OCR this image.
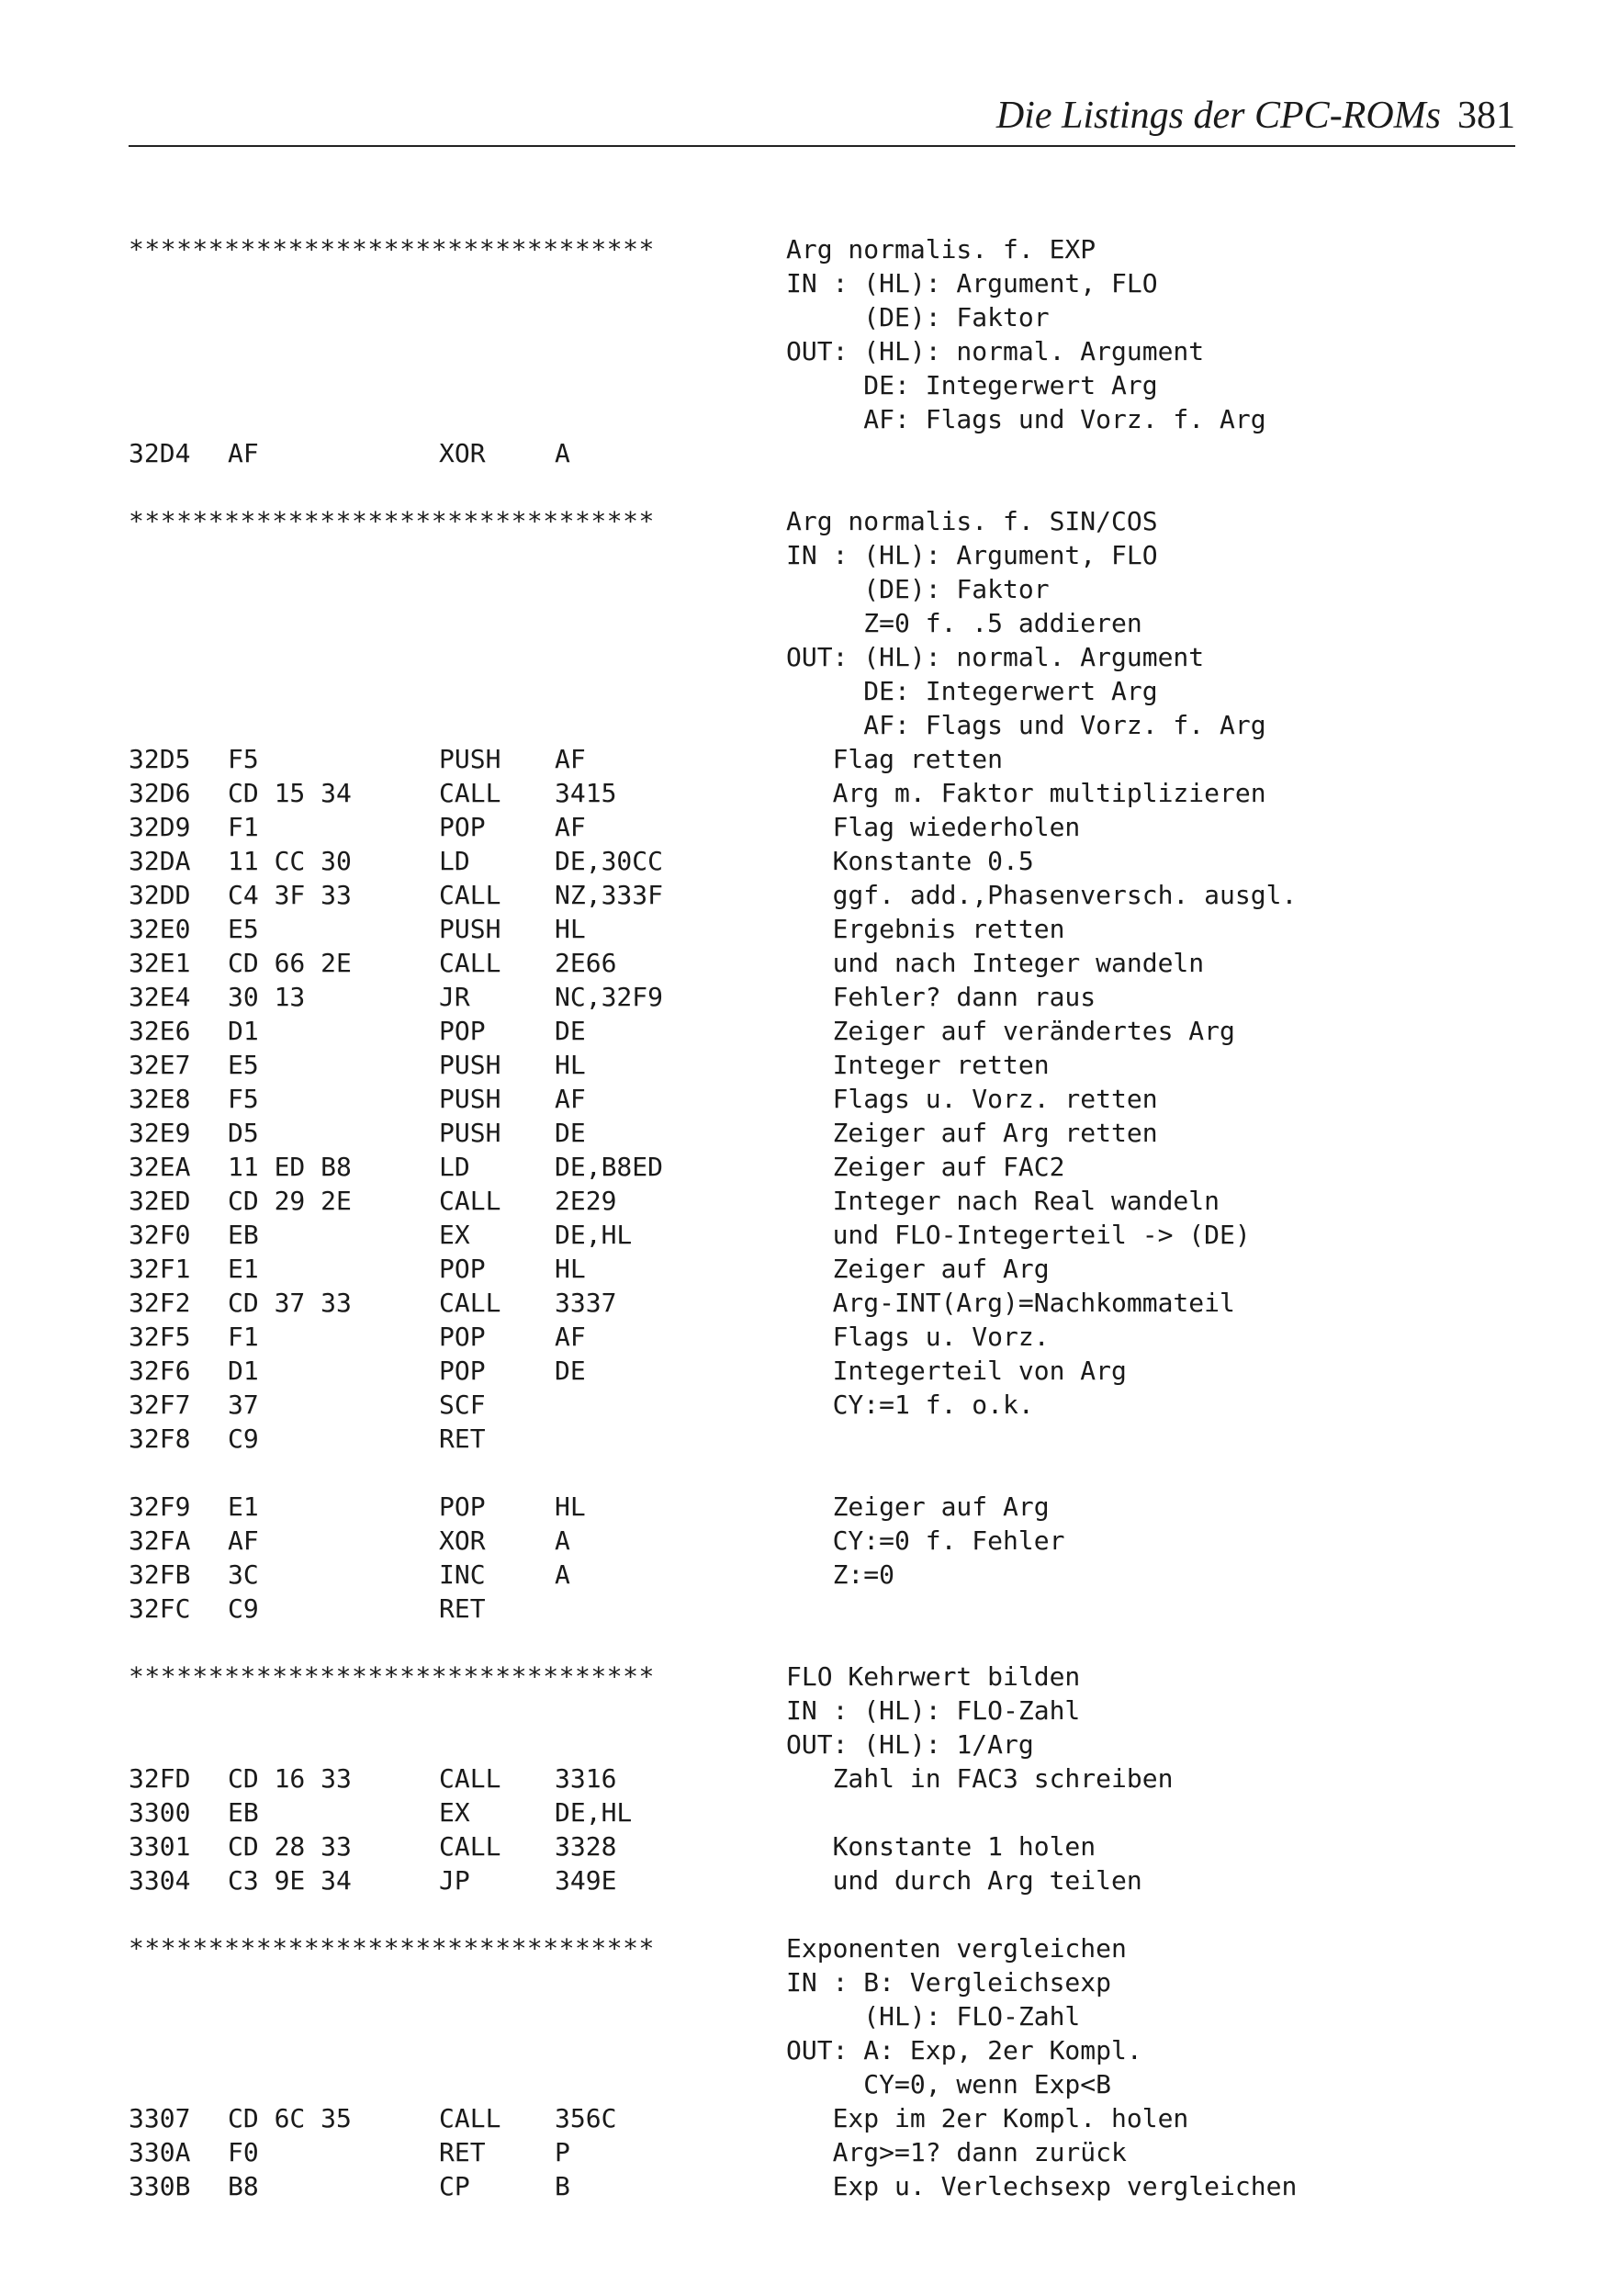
Die Listings der CPC-ROMs 381
*********************************	Arg normalis. f. EXP
IN : (HL): Argument, FLO
(DE): Faktor
OUT: (HL): normal. Argument
DE: Integerwert Arg
AF: Flags und Vorz. f. Arg
32D4 AF	XOR	A
*********************************	Arg normalis. f. SIN/COS
IN : (HL): Argument, FLO
(DE): Faktor
Z=0 f. .5 addieren
OUT: (HL): normal. Argument
DE: Integerwert Arg
AF: Flags und Vorz. f. Arg
32D5 F5	PUSH AF	Flag retten
32D6 CD 15 34	CALL 3415	Arg m. Faktor multiplizieren
32D9 F1	POP	AF	Flag wiederholen
32DA 11 CC 30	LD	DE,30CC	Konstante 0.5
32DD C4 3F 33	CALL NZ,333F	ggf. add.,Phasenversch. ausgl.
32E0 E5	PUSH HL	Ergebnis retten
32E1 CD 66 2E	CALL 2E66	und nach Integer wandeln
32E4 30 13	JR	NC,32F9	Fehler? dann raus
32E6 D1	POP	DE	Zeiger auf verändertes Arg
32E7 E5	PUSH HL	Integer retten
32E8 F5	PUSH AF	Flags u. Vorz. retten
32E9 D5	PUSH DE	Zeiger auf Arg retten
32EA 11 ED B8	LD	DE,B8ED	Zeiger auf FAC2
32ED CD 29 2E	CALL 2E29	Integer nach Real wandeln
32F0 EB	EX	DE,HL	und FLO-Integerteil -> (DE)
32F1 E1	POP	HL	Zeiger auf Arg
32F2 CD 37 33	CALL 3337	Arg-INT(Arg)=Nachkommateil
32F5 F1	POP	AF	Flags u. Vorz.
32F6 D1	POP	DE	Integerteil von Arg
32F7 37	SCF	CY:=1 f. o.k.
32F8 C9	RET
32F9 E1	POP	HL	Zeiger auf Arg
32FA AF	XOR	A	CY:=0 f. Fehler
32FB 3C	INC	A	Z:=0
32FC C9	RET
*********************************	FLO Kehrwert bilden
IN : (HL): FLO-Zahl
OUT: (HL): 1/Arg
32FD CD 16 33	CALL 3316	Zahl in FAC3 schreiben
3300 EB	EX	DE,HL
3301 CD 28 33	CALL 3328	Konstante 1 holen
3304 C3 9E 34	JP	349E	und durch Arg teilen
*********************************	Exponenten vergleichen
IN : B: Vergleichsexp
(HL): FLO-Zahl
OUT: A: Exp, 2er Kompl.
CY=0, wenn Exp<B
3307 CD 6C 35	CALL 356C	Exp im 2er Kompl. holen
330A F0	RET	P	Arg>=1? dann zurück
330B B8	CP	B	Exp u. Verlechsexp vergleichen
